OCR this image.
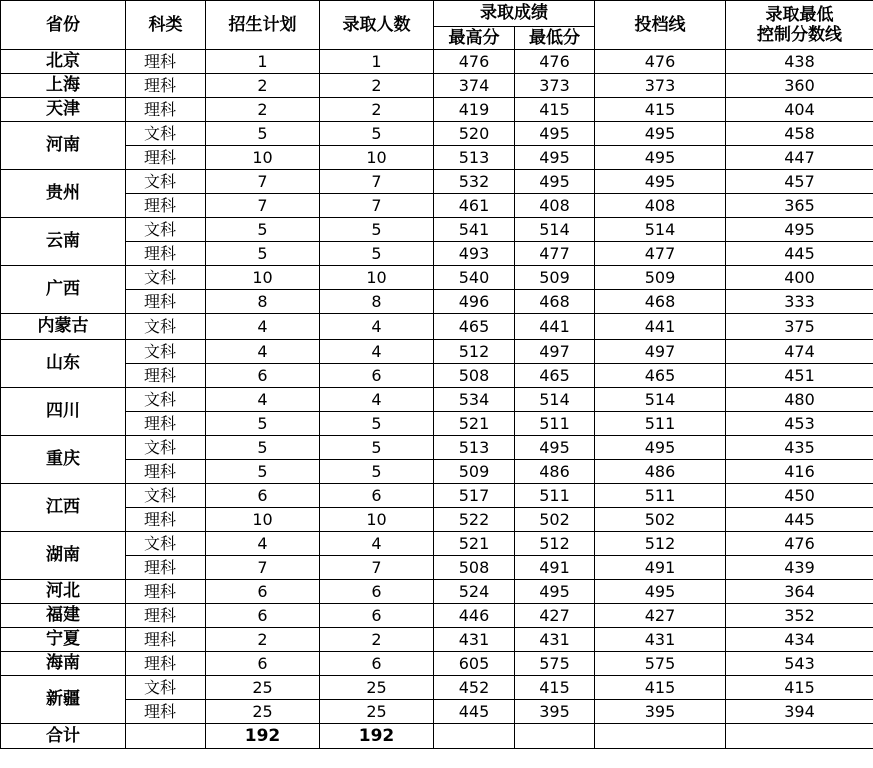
省份	科类	招生计划	录取人数	录取成绩		投档线	录取最低
控制分数线
				最高分	最低分		
北京	理科	1	1	476	476	476	438
上海	理科	2	2	374	373	373	360
天津	理科	2	2	419	415	415	404
河南	文科	5	5	520	495	495	458
	理科	10	10	513	495	495	447
贵州	文科	7	7	532	495	495	457
	理科	7	7	461	408	408	365
云南	文科	5	5	541	514	514	495
	理科	5	5	493	477	477	445
广西	文科	10	10	540	509	509	400
	理科	8	8	496	468	468	333
内蒙古	文科	4	4	465	441	441	375
山东	文科	4	4	512	497	497	474
	理科	6	6	508	465	465	451
四川	文科	4	4	534	514	514	480
	理科	5	5	521	511	511	453
重庆	文科	5	5	513	495	495	435
	理科	5	5	509	486	486	416
江西	文科	6	6	517	511	511	450
	理科	10	10	522	502	502	445
湖南	文科	4	4	521	512	512	476
	理科	7	7	508	491	491	439
河北	理科	6	6	524	495	495	364
福建	理科	6	6	446	427	427	352
宁夏	理科	2	2	431	431	431	434
海南	理科	6	6	605	575	575	543
新疆	文科	25	25	452	415	415	415
	理科	25	25	445	395	395	394
合计		192	192				
